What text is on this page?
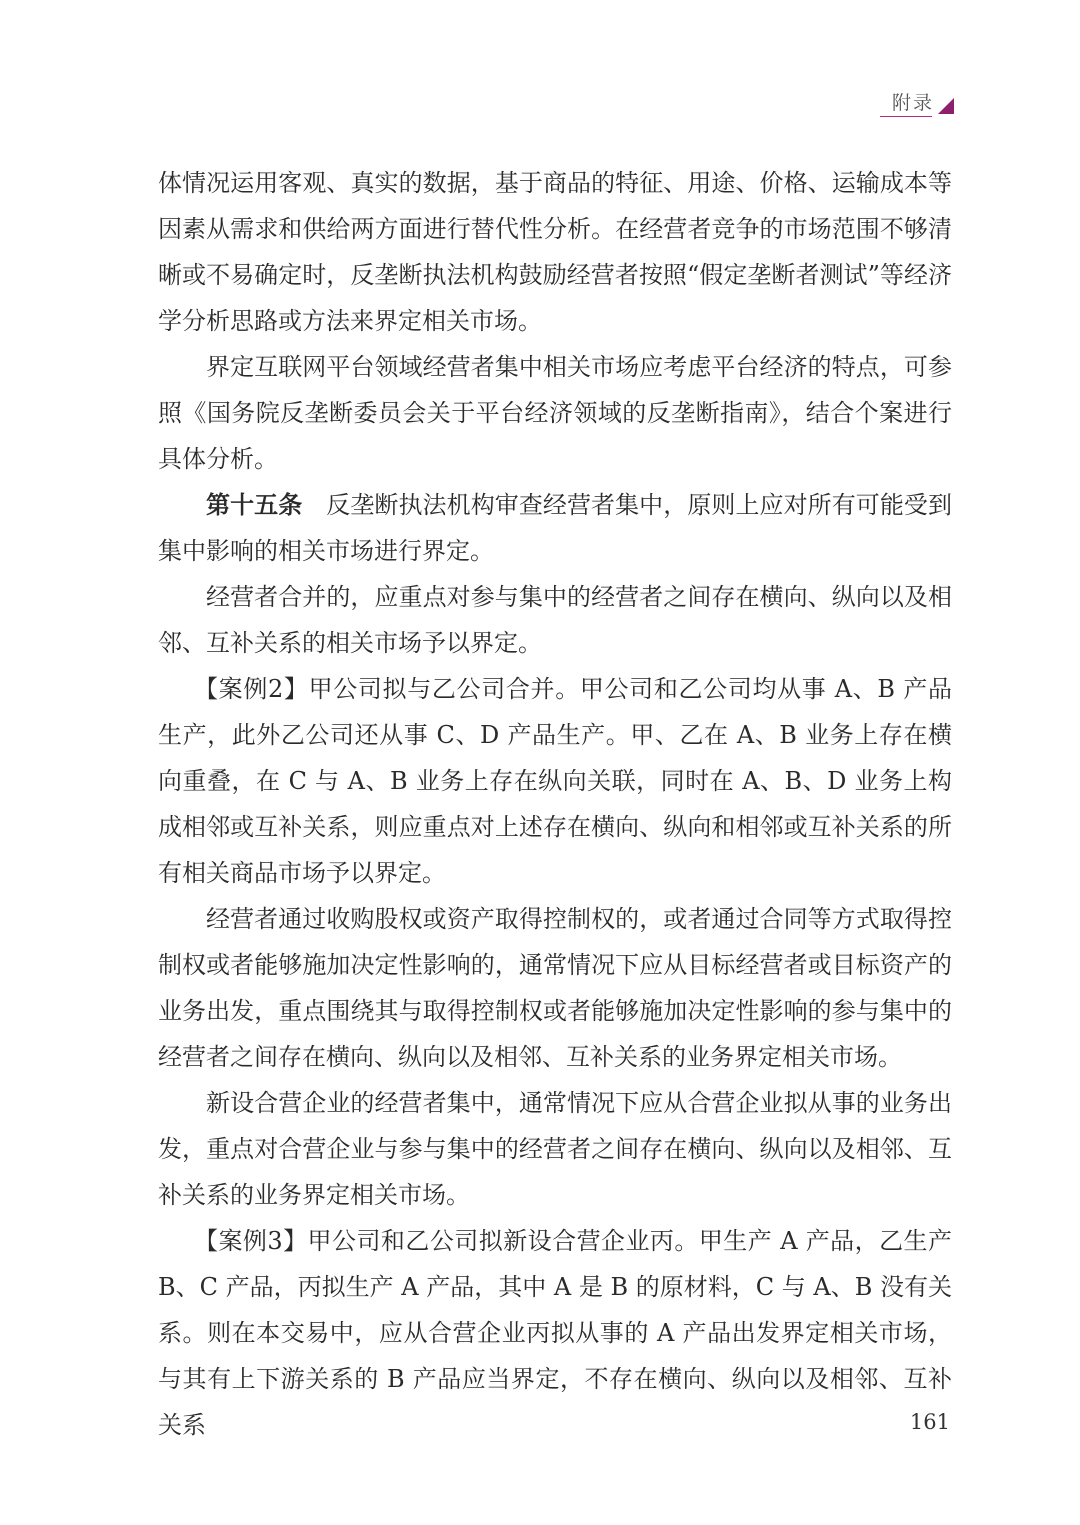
附录

体情况运用客观、真实的数据，基于商品的特征、用途、价格、运输成本等因素从需求和供给两方面进行替代性分析。在经营者竞争的市场范围不够清晰或不易确定时，反垄断执法机构鼓励经营者按照“假定垄断者测试”等经济学分析思路或方法来界定相关市场。

界定互联网平台领域经营者集中相关市场应考虑平台经济的特点，可参照《国务院反垄断委员会关于平台经济领域的反垄断指南》，结合个案进行具体分析。

第十五条 反垄断执法机构审查经营者集中，原则上应对所有可能受到集中影响的相关市场进行界定。

经营者合并的，应重点对参与集中的经营者之间存在横向、纵向以及相邻、互补关系的相关市场予以界定。

【案例2】甲公司拟与乙公司合并。甲公司和乙公司均从事 A、B 产品生产，此外乙公司还从事 C、D 产品生产。甲、乙在 A、B 业务上存在横向重叠，在 C 与 A、B 业务上存在纵向关联，同时在 A、B、D 业务上构成相邻或互补关系，则应重点对上述存在横向、纵向和相邻或互补关系的所有相关商品市场予以界定。

经营者通过收购股权或资产取得控制权的，或者通过合同等方式取得控制权或者能够施加决定性影响的，通常情况下应从目标经营者或目标资产的业务出发，重点围绕其与取得控制权或者能够施加决定性影响的参与集中的经营者之间存在横向、纵向以及相邻、互补关系的业务界定相关市场。

新设合营企业的经营者集中，通常情况下应从合营企业拟从事的业务出发，重点对合营企业与参与集中的经营者之间存在横向、纵向以及相邻、互补关系的业务界定相关市场。

【案例3】甲公司和乙公司拟新设合营企业丙。甲生产 A 产品，乙生产 B、C 产品，丙拟生产 A 产品，其中 A 是 B 的原材料，C 与 A、B 没有关系。则在本交易中，应从合营企业丙拟从事的 A 产品出发界定相关市场，与其有上下游关系的 B 产品应当界定，不存在横向、纵向以及相邻、互补关系	161
